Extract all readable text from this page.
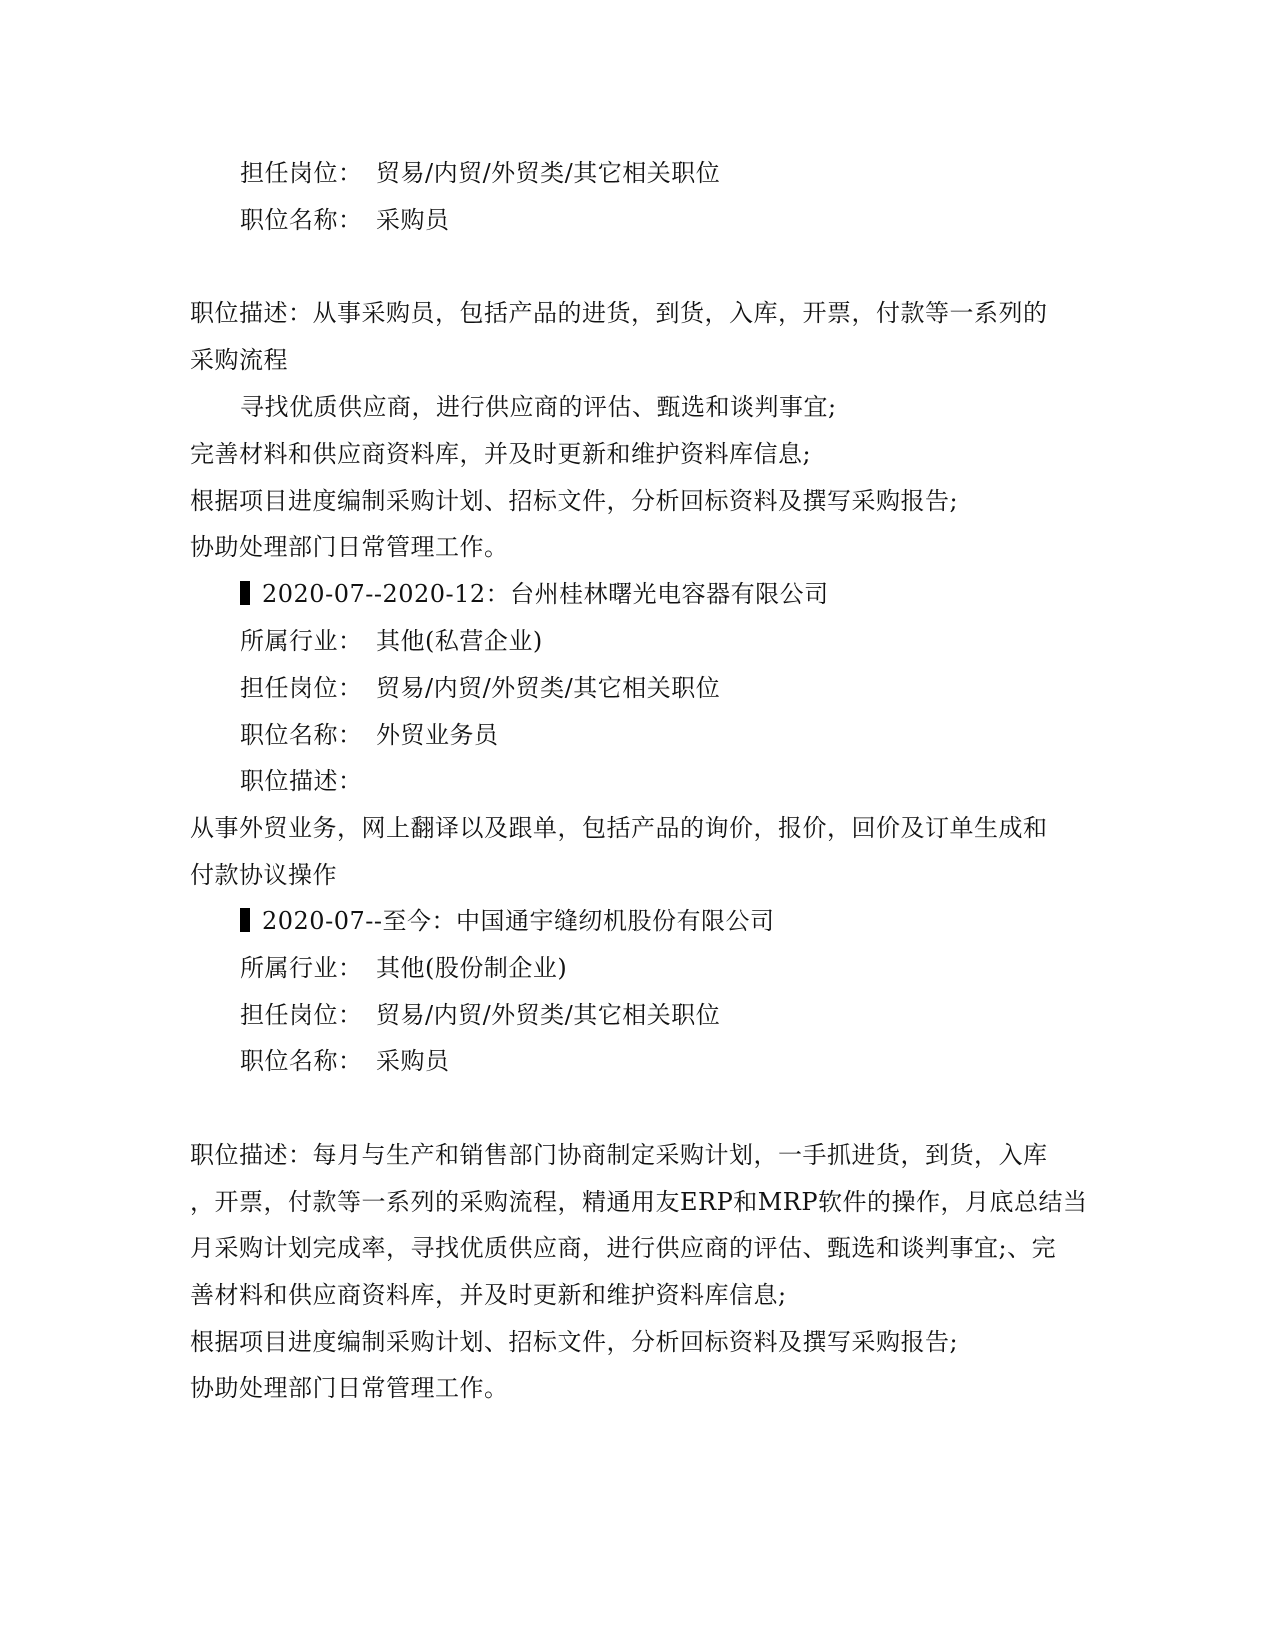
担任岗位： 贸易/内贸/外贸类/其它相关职位
职位名称： 采购员
职位描述：从事采购员，包括产品的进货，到货，入库，开票，付款等一系列的
采购流程
寻找优质供应商，进行供应商的评估、甄选和谈判事宜;
完善材料和供应商资料库，并及时更新和维护资料库信息;
根据项目进度编制采购计划、招标文件，分析回标资料及撰写采购报告;
协助处理部门日常管理工作。
2020-07--2020-12：台州桂林曙光电容器有限公司
所属行业： 其他(私营企业)
担任岗位： 贸易/内贸/外贸类/其它相关职位
职位名称： 外贸业务员
职位描述：
从事外贸业务，网上翻译以及跟单，包括产品的询价，报价，回价及订单生成和
付款协议操作
2020-07--至今：中国通宇缝纫机股份有限公司
所属行业： 其他(股份制企业)
担任岗位： 贸易/内贸/外贸类/其它相关职位
职位名称： 采购员
职位描述：每月与生产和销售部门协商制定采购计划，一手抓进货，到货，入库
，开票，付款等一系列的采购流程，精通用友ERP和MRP软件的操作，月底总结当
月采购计划完成率，寻找优质供应商，进行供应商的评估、甄选和谈判事宜;、完
善材料和供应商资料库，并及时更新和维护资料库信息;
根据项目进度编制采购计划、招标文件，分析回标资料及撰写采购报告;
协助处理部门日常管理工作。
